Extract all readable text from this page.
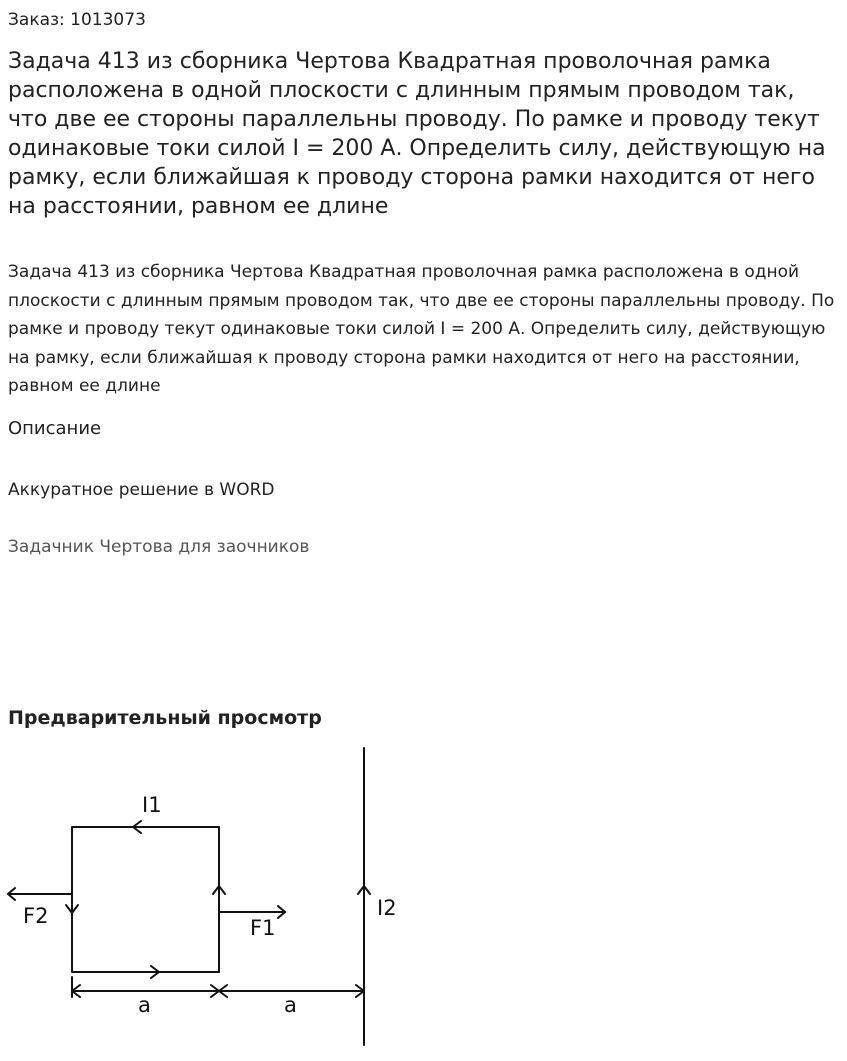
Заказ: 1013073
Задача 413 из сборника Чертова Квадратная проволочная рамка расположена в одной плоскости с длинным прямым проводом так, что две ее стороны параллельны проводу. По рамке и проводу текут одинаковые токи силой I = 200 А. Определить силу, действующую на рамку, если ближайшая к проводу сторона рамки находится от него на расстоянии, равном ее длине

Задача 413 из сборника Чертова Квадратная проволочная рамка расположена в одной плоскости с длинным прямым проводом так, что две ее стороны параллельны проводу. По рамке и проводу текут одинаковые токи силой I = 200 А. Определить силу, действующую на рамку, если ближайшая к проводу сторона рамки находится от него на расстоянии, равном ее длине

Описание
Аккуратное решение в WORD
Задачник Чертова для заочников
Предварительный просмотр
I1
I2
F2	F1
a	a
